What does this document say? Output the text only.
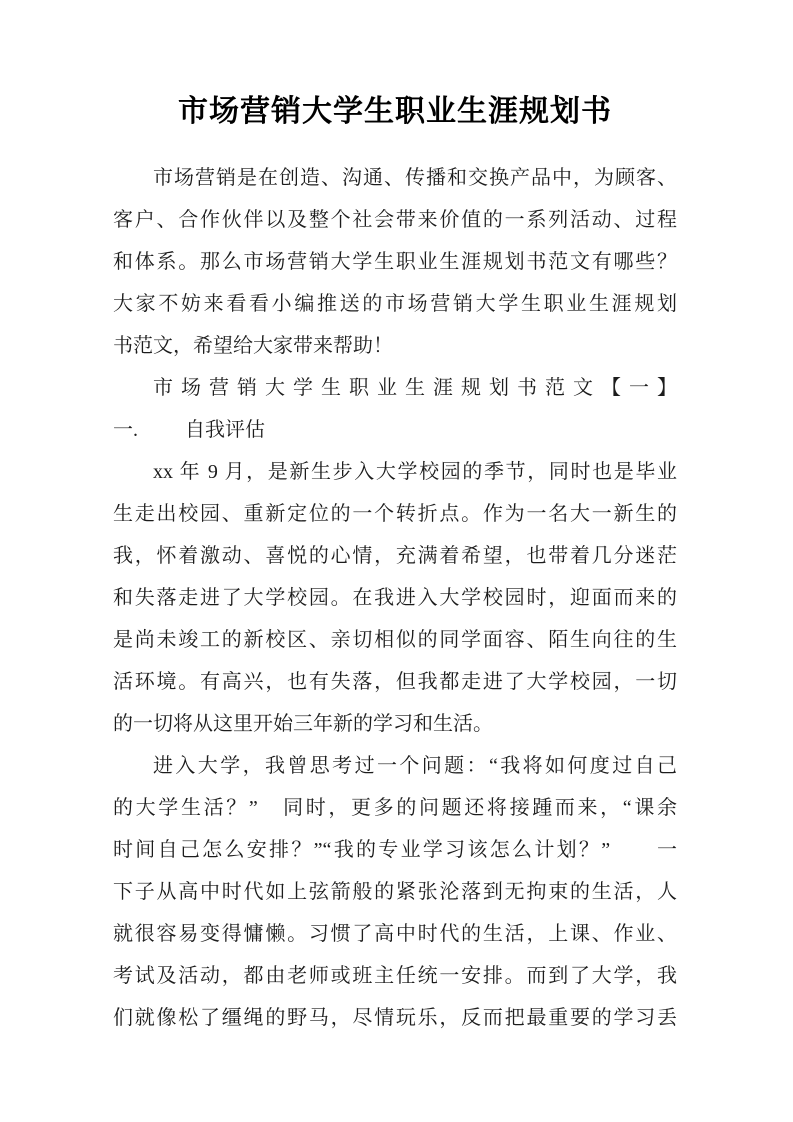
市场营销大学生职业生涯规划书
市场营销是在创造、沟通、传播和交换产品中，为顾客、
客户、合作伙伴以及整个社会带来价值的一系列活动、过程
和体系。那么市场营销大学生职业生涯规划书范文有哪些？
大家不妨来看看小编推送的市场营销大学生职业生涯规划
书范文，希望给大家带来帮助！
市场营销大学生职业生涯规划书范文【一】
一. 自我评估
xx 年 9 月，是新生步入大学校园的季节，同时也是毕业
生走出校园、重新定位的一个转折点。作为一名大一新生的
我，怀着激动、喜悦的心情，充满着希望，也带着几分迷茫
和失落走进了大学校园。在我进入大学校园时，迎面而来的
是尚未竣工的新校区、亲切相似的同学面容、陌生向往的生
活环境。有高兴，也有失落，但我都走进了大学校园，一切
的一切将从这里开始三年新的学习和生活。
进入大学，我曾思考过一个问题：“我将如何度过自己
的大学生活？”　同时，更多的问题还将接踵而来，“课余
时间自己怎么安排？”“我的专业学习该怎么计划？”　　一
下子从高中时代如上弦箭般的紧张沦落到无拘束的生活，人
就很容易变得慵懒。习惯了高中时代的生活，上课、作业、
考试及活动，都由老师或班主任统一安排。而到了大学，我
们就像松了缰绳的野马，尽情玩乐，反而把最重要的学习丢
